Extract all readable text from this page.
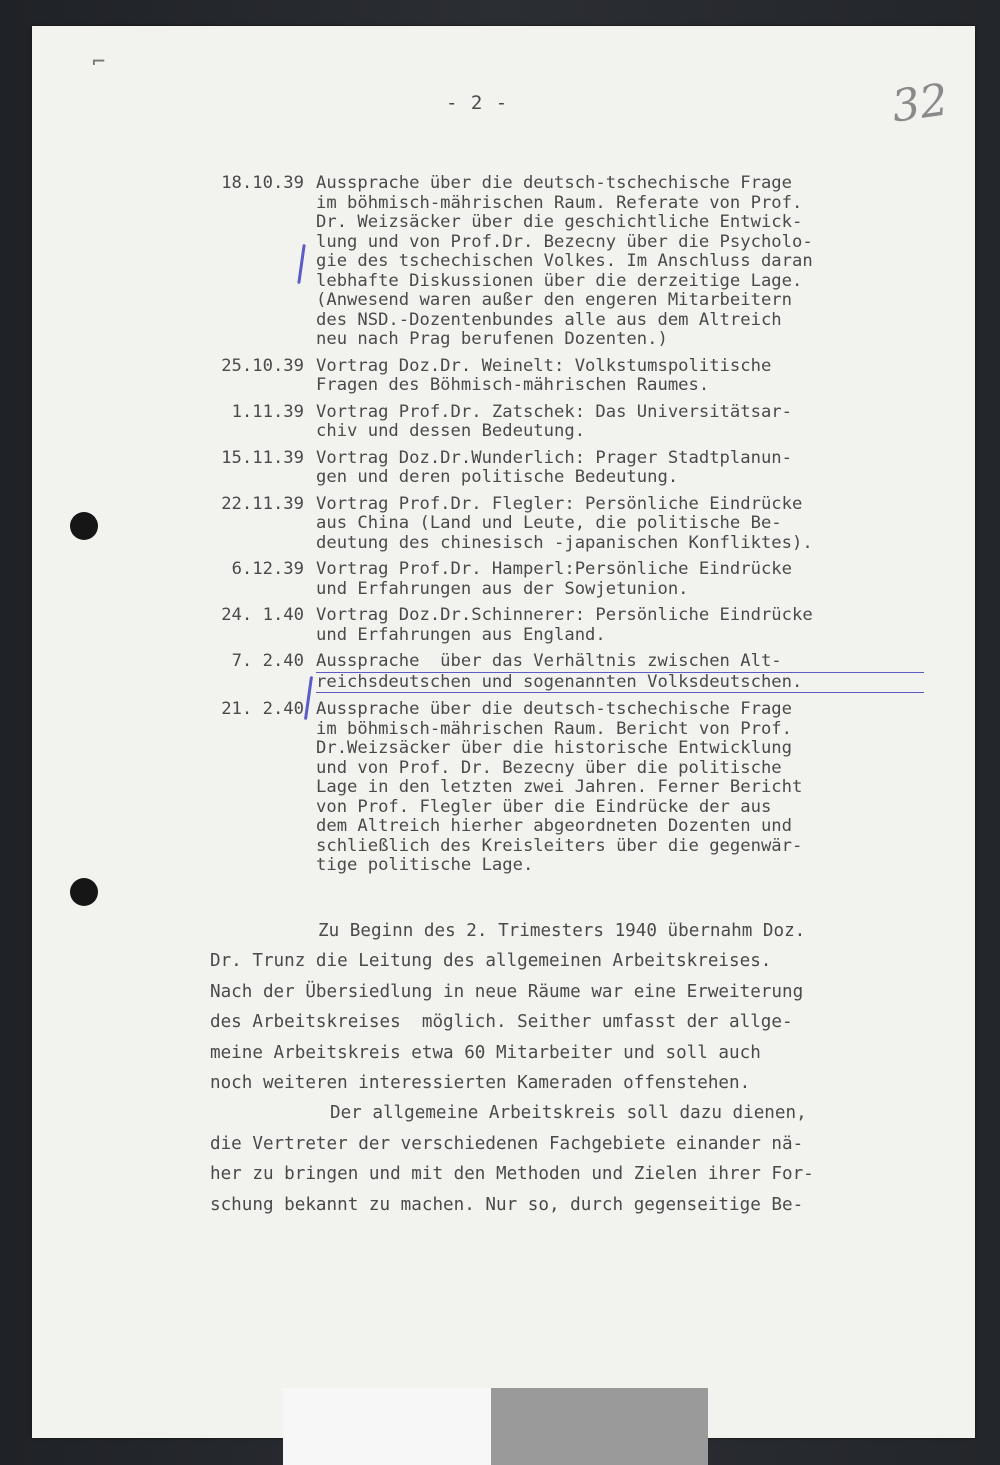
⌐
- 2 -	32
18.10.39 Aussprache über die deutsch-tschechische Frage
im böhmisch-mährischen Raum. Referate von Prof.
Dr. Weizsäcker über die geschichtliche Entwick-
lung und von Prof.Dr. Bezecny über die Psycholo-
gie des tschechischen Volkes. Im Anschluss daran
lebhafte Diskussionen über die derzeitige Lage.
(Anwesend waren außer den engeren Mitarbeitern
des NSD.-Dozentenbundes alle aus dem Altreich
neu nach Prag berufenen Dozenten.)
25.10.39 Vortrag Doz.Dr. Weinelt: Volkstumspolitische
Fragen des Böhmisch-mährischen Raumes.
1.11.39 Vortrag Prof.Dr. Zatschek: Das Universitätsar-
chiv und dessen Bedeutung.
15.11.39 Vortrag Doz.Dr.Wunderlich: Prager Stadtplanun-
gen und deren politische Bedeutung.
22.11.39 Vortrag Prof.Dr. Flegler: Persönliche Eindrücke
aus China (Land und Leute, die politische Be-
deutung des chinesisch -japanischen Konfliktes).
6.12.39 Vortrag Prof.Dr. Hamperl:Persönliche Eindrücke
und Erfahrungen aus der Sowjetunion.
24. 1.40 Vortrag Doz.Dr.Schinnerer: Persönliche Eindrücke
und Erfahrungen aus England.
7. 2.40 Aussprache  über das Verhältnis zwischen Alt-
reichsdeutschen und sogenannten Volksdeutschen.
21. 2.40 Aussprache über die deutsch-tschechische Frage
im böhmisch-mährischen Raum. Bericht von Prof.
Dr.Weizsäcker über die historische Entwicklung
und von Prof. Dr. Bezecny über die politische
Lage in den letzten zwei Jahren. Ferner Bericht
von Prof. Flegler über die Eindrücke der aus
dem Altreich hierher abgeordneten Dozenten und
schließlich des Kreisleiters über die gegenwär-
tige politische Lage.
Zu Beginn des 2. Trimesters 1940 übernahm Doz.
Dr. Trunz die Leitung des allgemeinen Arbeitskreises.
Nach der Übersiedlung in neue Räume war eine Erweiterung
des Arbeitskreises  möglich. Seither umfasst der allge-
meine Arbeitskreis etwa 60 Mitarbeiter und soll auch
noch weiteren interessierten Kameraden offenstehen.
Der allgemeine Arbeitskreis soll dazu dienen,
die Vertreter der verschiedenen Fachgebiete einander nä-
her zu bringen und mit den Methoden und Zielen ihrer For-
schung bekannt zu machen. Nur so, durch gegenseitige Be-
